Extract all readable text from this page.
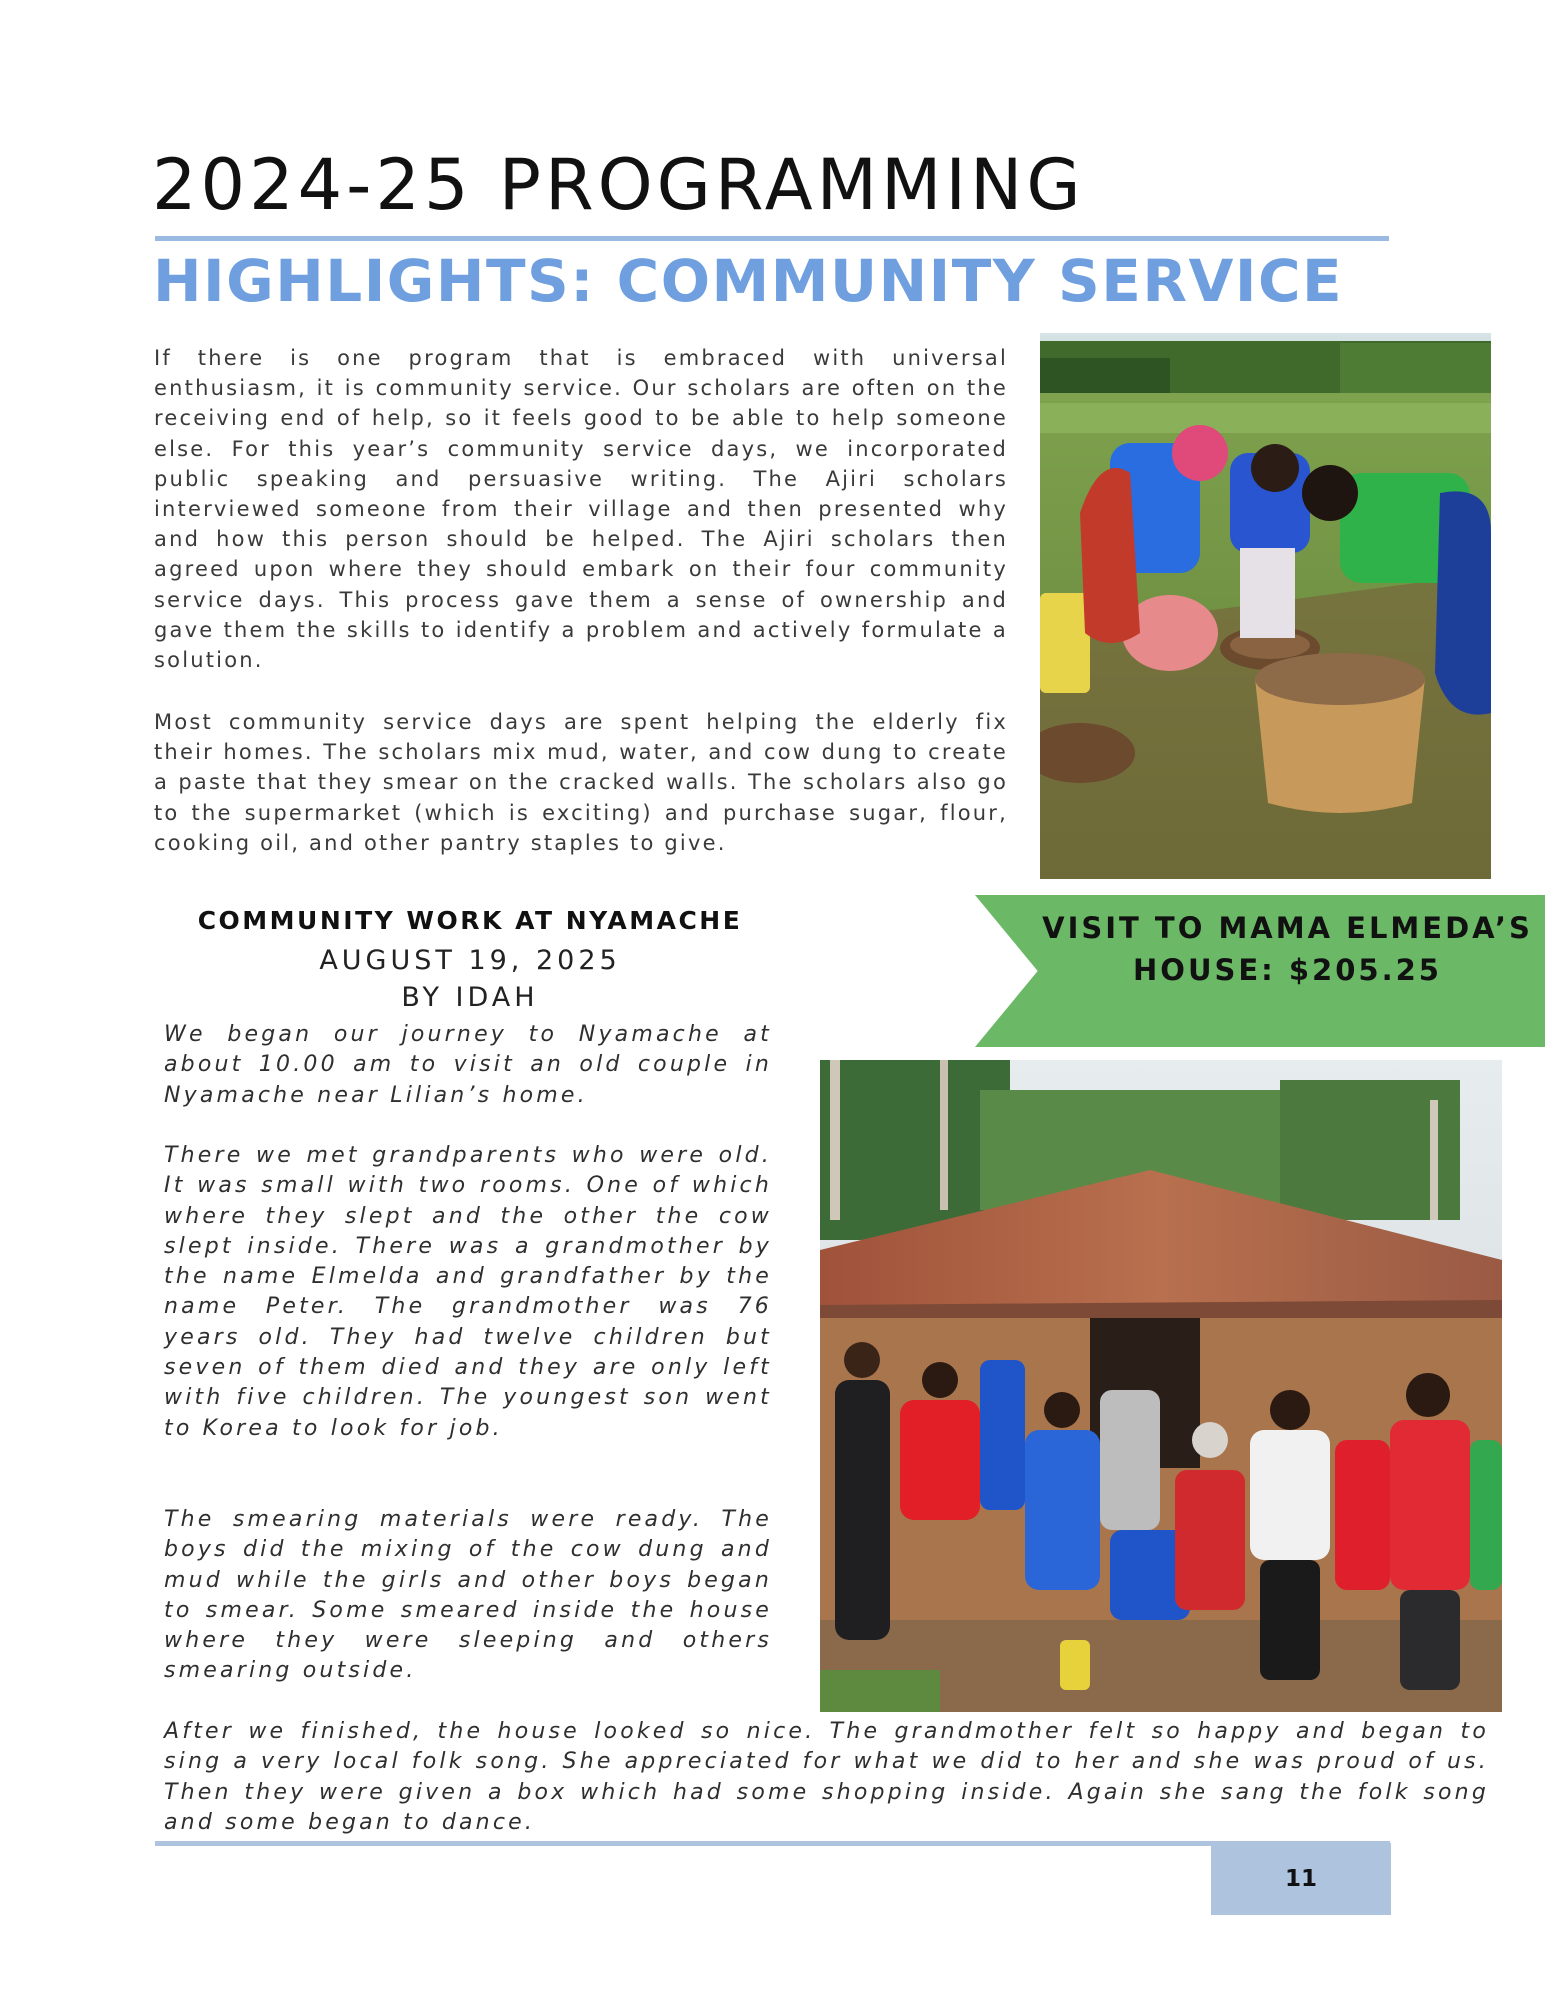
2024-25 PROGRAMMING
HIGHLIGHTS: COMMUNITY SERVICE

If there is one program that is embraced with universal enthusiasm, it is community service. Our scholars are often on the receiving end of help, so it feels good to be able to help someone else. For this year’s community service days, we incorporated public speaking and persuasive writing. The Ajiri scholars interviewed someone from their village and then presented why and how this person should be helped. The Ajiri scholars then agreed upon where they should embark on their four community service days. This process gave them a sense of ownership and gave them the skills to identify a problem and actively formulate a solution.

Most community service days are spent helping the elderly fix their homes. The scholars mix mud, water, and cow dung to create a paste that they smear on the cracked walls. The scholars also go to the supermarket (which is exciting) and purchase sugar, flour, cooking oil, and other pantry staples to give.

VISIT TO MAMA ELMEDA’S HOUSE: $205.25

COMMUNITY WORK AT NYAMACHE

AUGUST 19, 2025
BY IDAH

We began our journey to Nyamache at about 10.00 am to visit an old couple in Nyamache near Lilian’s home.

There we met grandparents who were old. It was small with two rooms. One of which where they slept and the other the cow slept inside. There was a grandmother by the name Elmelda and grandfather by the name Peter. The grandmother was 76 years old. They had twelve children but seven of them died and they are only left with five children. The youngest son went to Korea to look for job.

The smearing materials were ready. The boys did the mixing of the cow dung and mud while the girls and other boys began to smear. Some smeared inside the house where they were sleeping and others smearing outside.

After we finished, the house looked so nice. The grandmother felt so happy and began to sing a very local folk song. She appreciated for what we did to her and she was proud of us. Then they were given a box which had some shopping inside. Again she sang the folk song and some began to dance.

11
